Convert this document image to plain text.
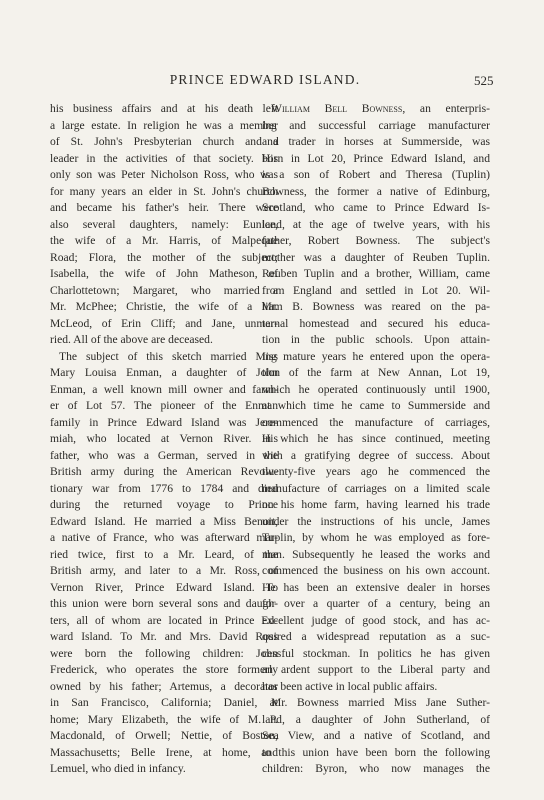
PRINCE EDWARD ISLAND.	525
his business affairs and at his death left
a large estate. In religion he was a member
of St. John's Presbyterian church and a
leader in the activities of that society. His
only son was Peter Nicholson Ross, who was
for many years an elder in St. John's church
and became his father's heir. There were
also several daughters, namely: Eunice,
the wife of a Mr. Harris, of Malpeque
Road; Flora, the mother of the subject;
Isabella, the wife of John Matheson, of
Charlottetown; Margaret, who married a
Mr. McPhee; Christie, the wife of a Mr.
McLeod, of Erin Cliff; and Jane, unmar-
ried. All of the above are deceased.
The subject of this sketch married Miss
Mary Louisa Enman, a daughter of John
Enman, a well known mill owner and farm-
er of Lot 57. The pioneer of the Enman
family in Prince Edward Island was Jere-
miah, who located at Vernon River. His
father, who was a German, served in the
British army during the American Revolu-
tionary war from 1776 to 1784 and died
during the returned voyage to Prince
Edward Island. He married a Miss Benoit,
a native of France, who was afterward mar-
ried twice, first to a Mr. Leard, of the
British army, and later to a Mr. Ross, of
Vernon River, Prince Edward Island. To
this union were born several sons and daugh-
ters, all of whom are located in Prince Ed-
ward Island. To Mr. and Mrs. David Ross
were born the following children: John
Frederick, who operates the store formerly
owned by his father; Artemus, a decorator
in San Francisco, California; Daniel, at
home; Mary Elizabeth, the wife of M. P.
Macdonald, of Orwell; Nettie, of Boston,
Massachusetts; Belle Irene, at home, and
Lemuel, who died in infancy.
William Bell Bowness, an enterpris-
ing and successful carriage manufacturer
and trader in horses at Summerside, was
born in Lot 20, Prince Edward Island, and
is a son of Robert and Theresa (Tuplin)
Bowness, the former a native of Edinburg,
Scotland, who came to Prince Edward Is-
land, at the age of twelve years, with his
father, Robert Bowness. The subject's
mother was a daughter of Reuben Tuplin.
Reuben Tuplin and a brother, William, came
from England and settled in Lot 20. Wil-
liam B. Bowness was reared on the pa-
ternal homestead and secured his educa-
tion in the public schools. Upon attain-
ing mature years he entered upon the opera-
tion of the farm at New Annan, Lot 19,
which he operated continuously until 1900,
at which time he came to Summerside and
commenced the manufacture of carriages,
in which he has since continued, meeting
with a gratifying degree of success. About
twenty-five years ago he commenced the
manufacture of carriages on a limited scale
on his home farm, having learned his trade
under the instructions of his uncle, James
Tuplin, by whom he was employed as fore-
man. Subsequently he leased the works and
commenced the business on his own account.
He has been an extensive dealer in horses
for over a quarter of a century, being an
excellent judge of good stock, and has ac-
quired a widespread reputation as a suc-
cessful stockman. In politics he has given
an ardent support to the Liberal party and
has been active in local public affairs.
Mr. Bowness married Miss Jane Suther-
land, a daughter of John Sutherland, of
Sea View, and a native of Scotland, and
to this union have been born the following
children: Byron, who now manages the
